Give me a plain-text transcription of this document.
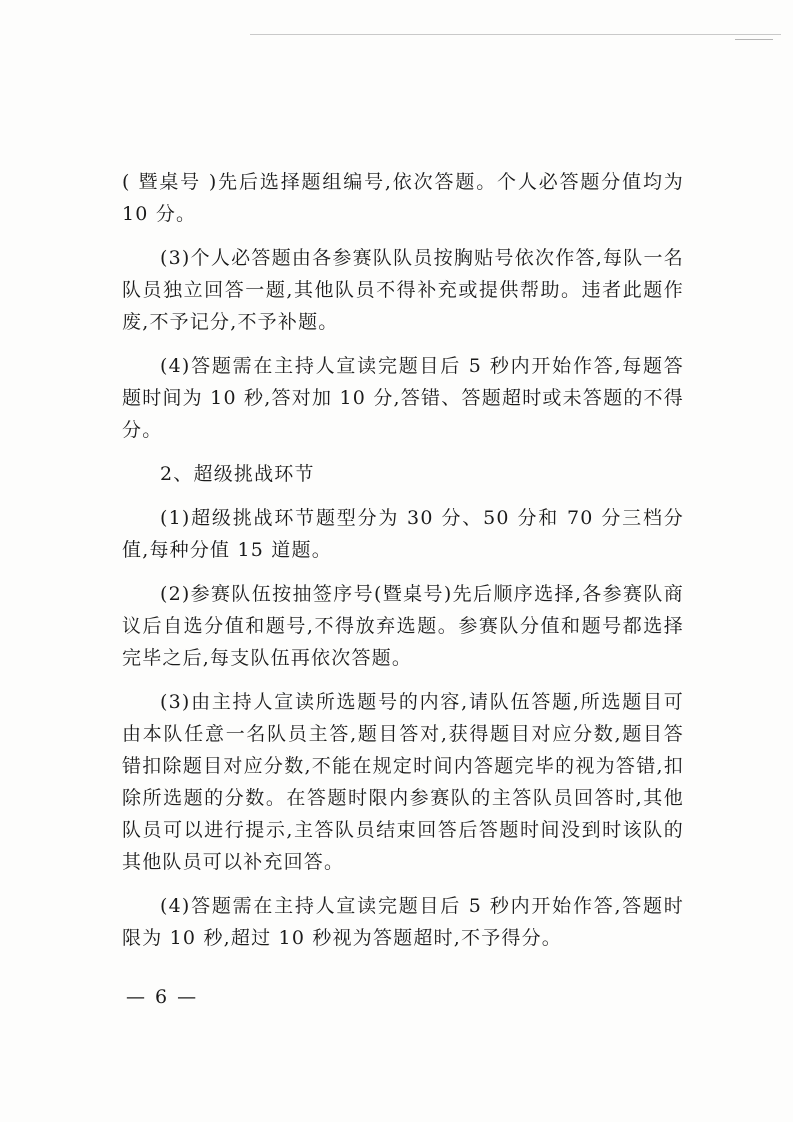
( 暨桌号 )先后选择题组编号,依次答题。个人必答题分值均为 10 分。

(3)个人必答题由各参赛队队员按胸贴号依次作答,每队一名队员独立回答一题,其他队员不得补充或提供帮助。违者此题作废,不予记分,不予补题。

(4)答题需在主持人宣读完题目后 5 秒内开始作答,每题答题时间为 10 秒,答对加 10 分,答错、答题超时或未答题的不得分。

2、超级挑战环节

(1)超级挑战环节题型分为 30 分、50 分和 70 分三档分值,每种分值 15 道题。

(2)参赛队伍按抽签序号(暨桌号)先后顺序选择,各参赛队商议后自选分值和题号,不得放弃选题。参赛队分值和题号都选择完毕之后,每支队伍再依次答题。

(3)由主持人宣读所选题号的内容,请队伍答题,所选题目可由本队任意一名队员主答,题目答对,获得题目对应分数,题目答错扣除题目对应分数,不能在规定时间内答题完毕的视为答错,扣除所选题的分数。在答题时限内参赛队的主答队员回答时,其他队员可以进行提示,主答队员结束回答后答题时间没到时该队的其他队员可以补充回答。

(4)答题需在主持人宣读完题目后 5 秒内开始作答,答题时限为 10 秒,超过 10 秒视为答题超时,不予得分。

— 6 —
